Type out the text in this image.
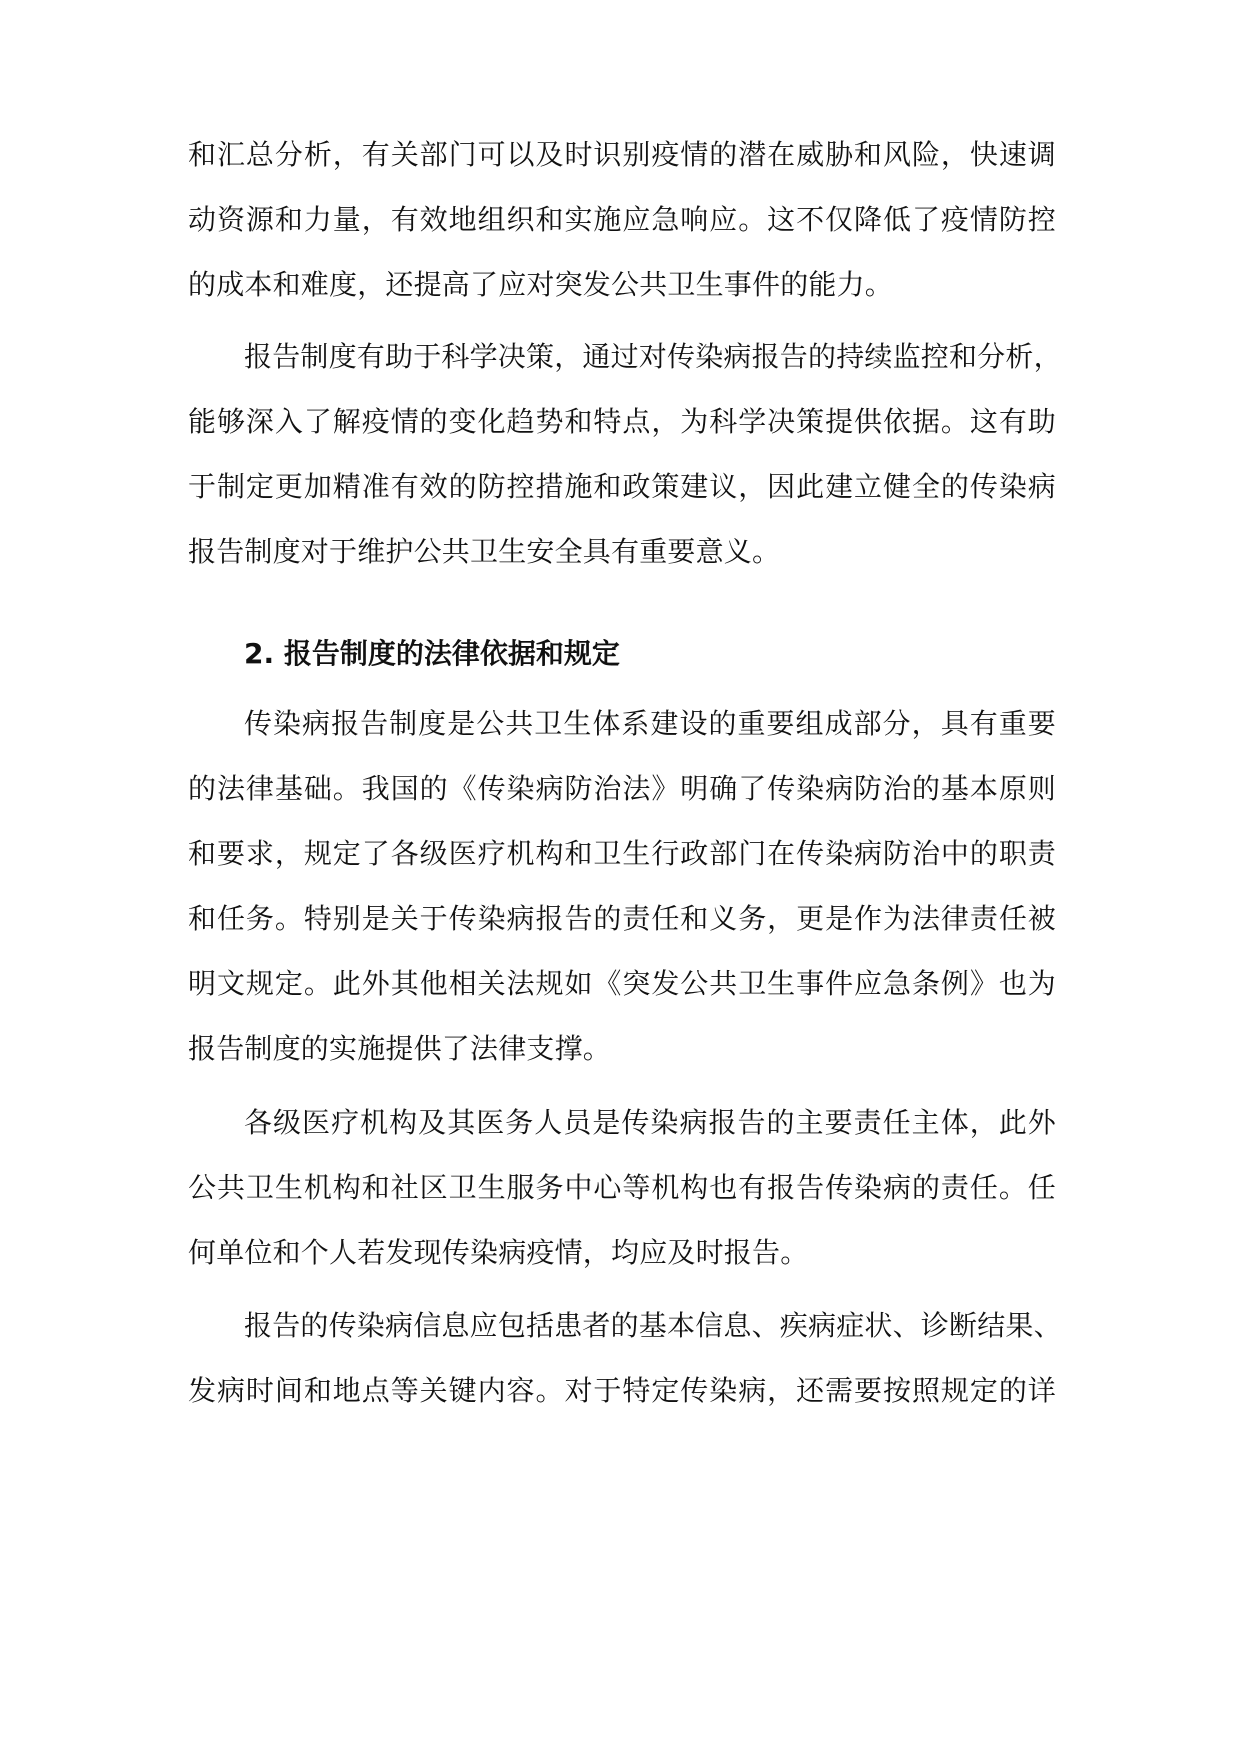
和汇总分析，有关部门可以及时识别疫情的潜在威胁和风险，快速调
动资源和力量，有效地组织和实施应急响应。这不仅降低了疫情防控
的成本和难度，还提高了应对突发公共卫生事件的能力。
报告制度有助于科学决策，通过对传染病报告的持续监控和分析，
能够深入了解疫情的变化趋势和特点，为科学决策提供依据。这有助
于制定更加精准有效的防控措施和政策建议，因此建立健全的传染病
报告制度对于维护公共卫生安全具有重要意义。
2. 报告制度的法律依据和规定
传染病报告制度是公共卫生体系建设的重要组成部分，具有重要
的法律基础。我国的《传染病防治法》明确了传染病防治的基本原则
和要求，规定了各级医疗机构和卫生行政部门在传染病防治中的职责
和任务。特别是关于传染病报告的责任和义务，更是作为法律责任被
明文规定。此外其他相关法规如《突发公共卫生事件应急条例》也为
报告制度的实施提供了法律支撑。
各级医疗机构及其医务人员是传染病报告的主要责任主体，此外
公共卫生机构和社区卫生服务中心等机构也有报告传染病的责任。任
何单位和个人若发现传染病疫情，均应及时报告。
报告的传染病信息应包括患者的基本信息、疾病症状、诊断结果、
发病时间和地点等关键内容。对于特定传染病，还需要按照规定的详
